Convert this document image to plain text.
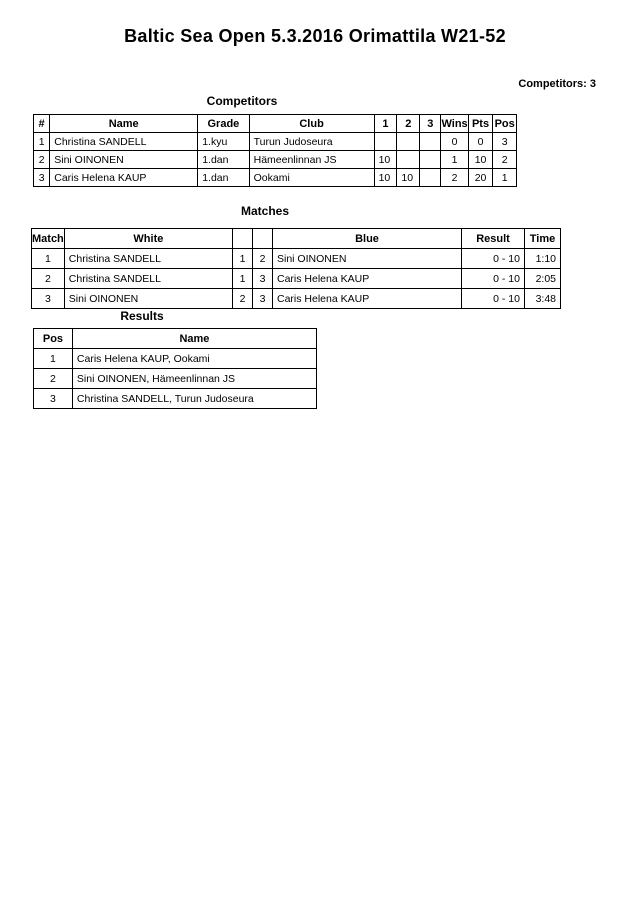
Baltic Sea Open 5.3.2016 Orimattila W21-52
Competitors: 3
Competitors
#	Name	Grade	Club	1	2	3	Wins	Pts	Pos
1	Christina SANDELL	1.kyu	Turun Judoseura				0	0	3
2	Sini OINONEN	1.dan	Hämeenlinnan JS	10			1	10	2
3	Caris Helena KAUP	1.dan	Ookami	10	10		2	20	1
Matches
Match	White			Blue	Result	Time
1	Christina SANDELL	1	2	Sini OINONEN	0 - 10	1:10
2	Christina SANDELL	1	3	Caris Helena KAUP	0 - 10	2:05
3	Sini OINONEN	2	3	Caris Helena KAUP	0 - 10	3:48
Results
Pos	Name
1	Caris Helena KAUP, Ookami
2	Sini OINONEN, Hämeenlinnan JS
3	Christina SANDELL, Turun Judoseura
